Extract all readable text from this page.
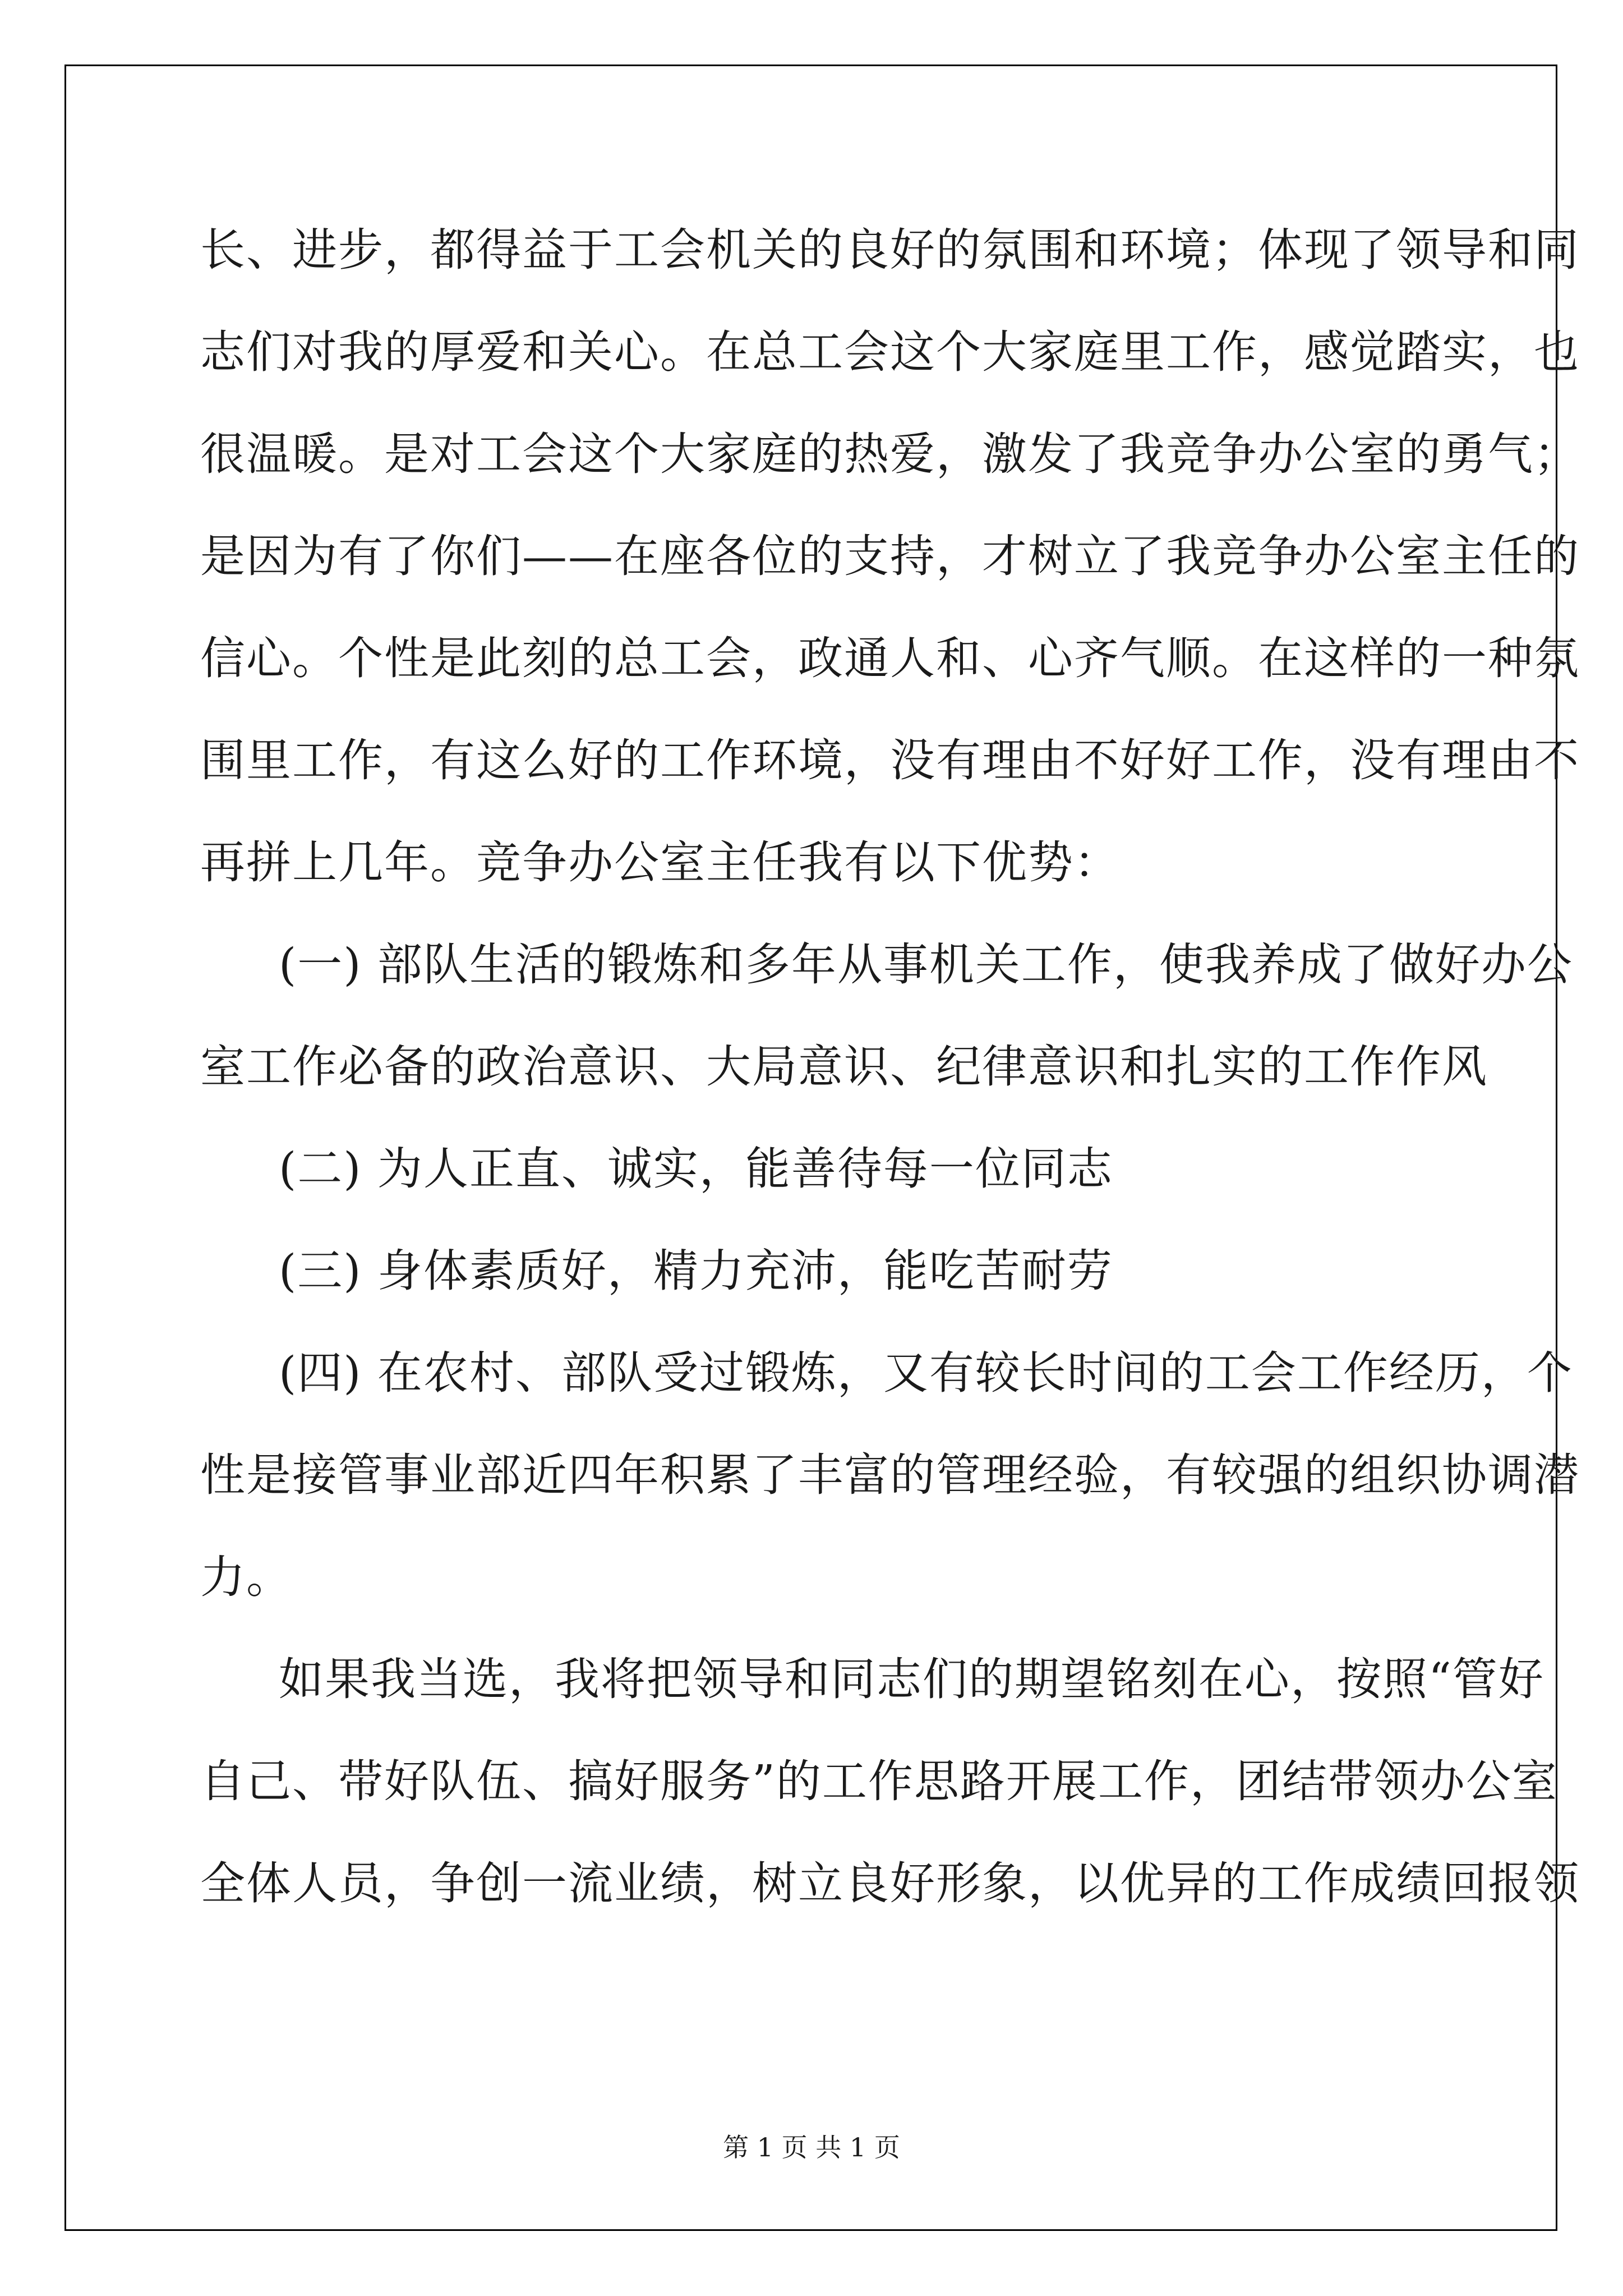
长、进步，都得益于工会机关的良好的氛围和环境；体现了领导和同

志们对我的厚爱和关心。在总工会这个大家庭里工作，感觉踏实，也

很温暖。是对工会这个大家庭的热爱，激发了我竞争办公室的勇气；

是因为有了你们——在座各位的支持，才树立了我竞争办公室主任的

信心。个性是此刻的总工会，政通人和、心齐气顺。在这样的一种氛

围里工作，有这么好的工作环境，没有理由不好好工作，没有理由不

再拼上几年。竞争办公室主任我有以下优势：

(一) 部队生活的锻炼和多年从事机关工作，使我养成了做好办公

室工作必备的政治意识、大局意识、纪律意识和扎实的工作作风

(二) 为人正直、诚实，能善待每一位同志

(三) 身体素质好，精力充沛，能吃苦耐劳

(四) 在农村、部队受过锻炼，又有较长时间的工会工作经历，个

性是接管事业部近四年积累了丰富的管理经验，有较强的组织协调潜

力。

如果我当选，我将把领导和同志们的期望铭刻在心，按照“管好

自己、带好队伍、搞好服务”的工作思路开展工作，团结带领办公室

全体人员，争创一流业绩，树立良好形象，以优异的工作成绩回报领

第 1 页 共 1 页
